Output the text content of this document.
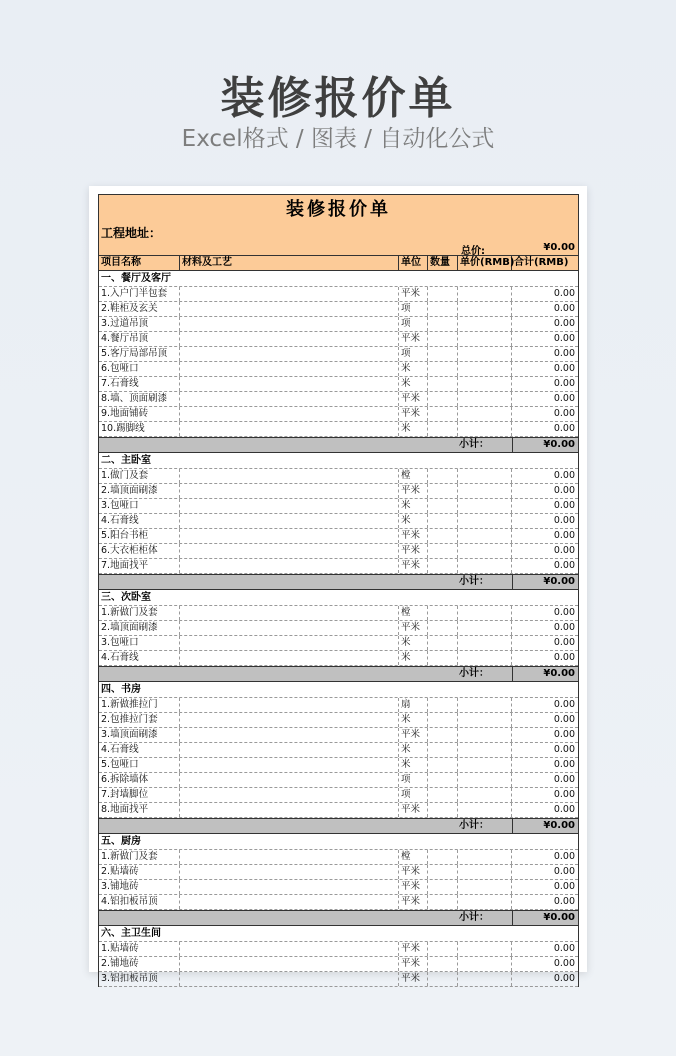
装修报价单
Excel格式 / 图表 / 自动化公式
装修报价单
工程地址：
总价:	¥0.00
项目名称	材料及工艺	单位 数量	单价(RMB) 合计(RMB)
一、餐厅及客厅
1.入户门半包套	平米	0.00
2.鞋柜及玄关	项	0.00
3.过道吊顶	项	0.00
4.餐厅吊顶	平米	0.00
5.客厅局部吊顶	项	0.00
6.包哑口	米	0.00
7.石膏线	米	0.00
8.墙、顶面刷漆	平米	0.00
9.地面铺砖	平米	0.00
10.踢脚线	米	0.00
小计：	¥0.00
二、主卧室
1.做门及套	樘	0.00
2.墙顶面刷漆	平米	0.00
3.包哑口	米	0.00
4.石膏线	米	0.00
5.阳台书柜	平米	0.00
6.大衣柜柜体	平米	0.00
7.地面找平	平米	0.00
小计：	¥0.00
三、次卧室
1.新做门及套	樘	0.00
2.墙顶面刷漆	平米	0.00
3.包哑口	米	0.00
4.石膏线	米	0.00
小计：	¥0.00
四、书房
1.新做推拉门	扇	0.00
2.包推拉门套	米	0.00
3.墙顶面刷漆	平米	0.00
4.石膏线	米	0.00
5.包哑口	米	0.00
6.拆除墙体	项	0.00
7.封墙脚位	项	0.00
8.地面找平	平米	0.00
小计：	¥0.00
五、厨房
1.新做门及套	樘	0.00
2.贴墙砖	平米	0.00
3.铺地砖	平米	0.00
4.铝扣板吊顶	平米	0.00
小计：	¥0.00
六、主卫生间
1.贴墙砖	平米	0.00
2.铺地砖	平米	0.00
3.铝扣板吊顶	平米	0.00
